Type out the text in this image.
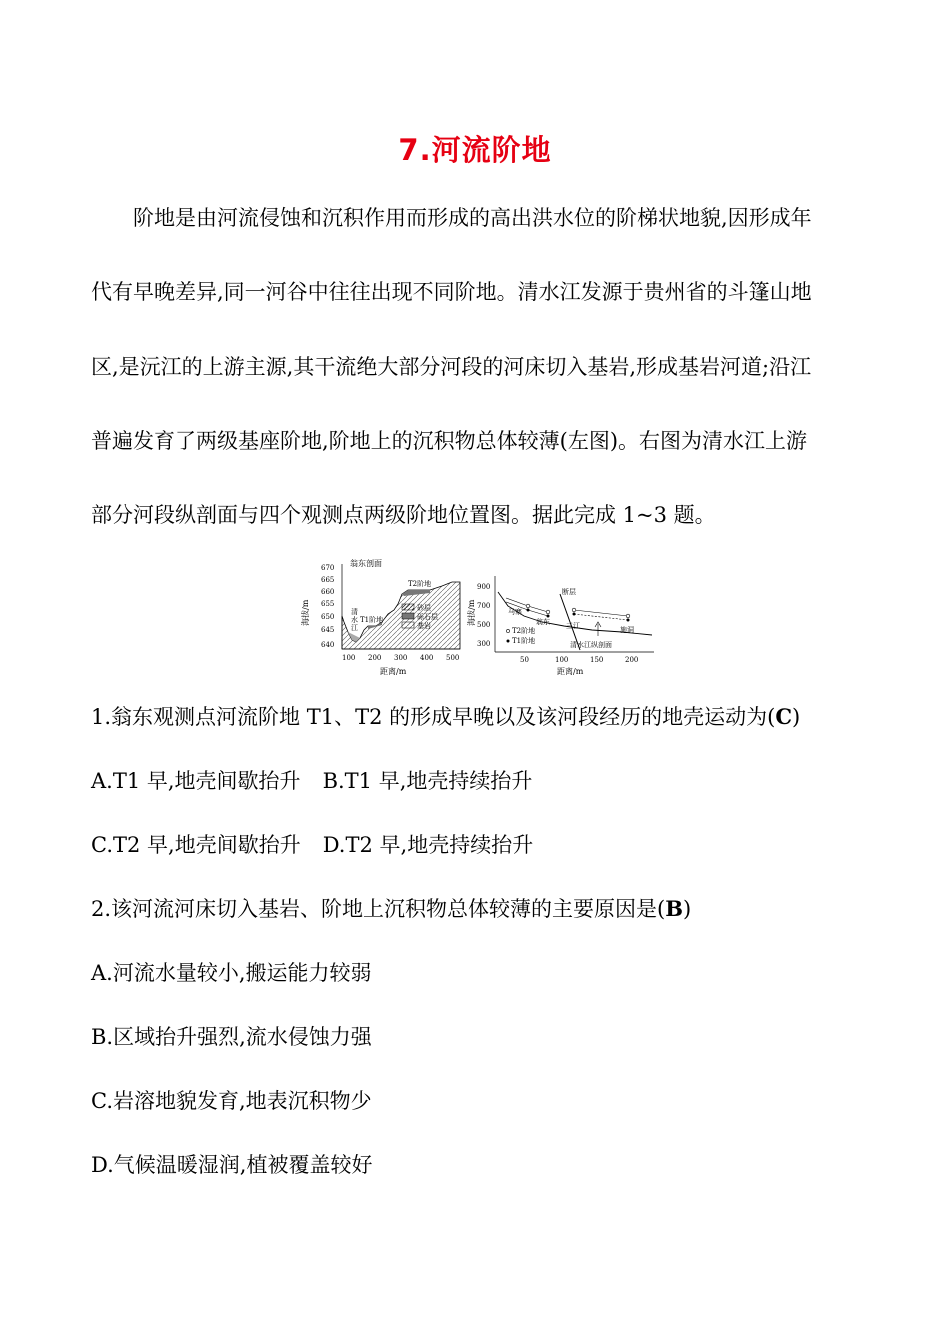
7.河流阶地
阶地是由河流侵蚀和沉积作用而形成的高出洪水位的阶梯状地貌,因形成年
代有早晚差异,同一河谷中往往出现不同阶地。清水江发源于贵州省的斗篷山地
区,是沅江的上游主源,其干流绝大部分河段的河床切入基岩,形成基岩河道;沿江
普遍发育了两级基座阶地,阶地上的沉积物总体较薄(左图)。右图为清水江上游
部分河段纵剖面与四个观测点两级阶地位置图。据此完成 1~3 题。
翁东剖面
海拔/m
距离/m
670
665
660
655
650
645
640
100 200 300 400 500
清
水
江
T1阶地
T2阶地
砂层
砾石层
基岩	海拔/m
距离/m
900
700
500
300
50	100	150	200
断层
马寨
翁东 三江	施洞
T2阶地
T1阶地	清水江纵剖面
1.翁东观测点河流阶地 T1、T2 的形成早晚以及该河段经历的地壳运动为(C)
A.T1 早,地壳间歇抬升 B.T1 早,地壳持续抬升
C.T2 早,地壳间歇抬升 D.T2 早,地壳持续抬升
2.该河流河床切入基岩、阶地上沉积物总体较薄的主要原因是(B)
A.河流水量较小,搬运能力较弱
B.区域抬升强烈,流水侵蚀力强
C.岩溶地貌发育,地表沉积物少
D.气候温暖湿润,植被覆盖较好
